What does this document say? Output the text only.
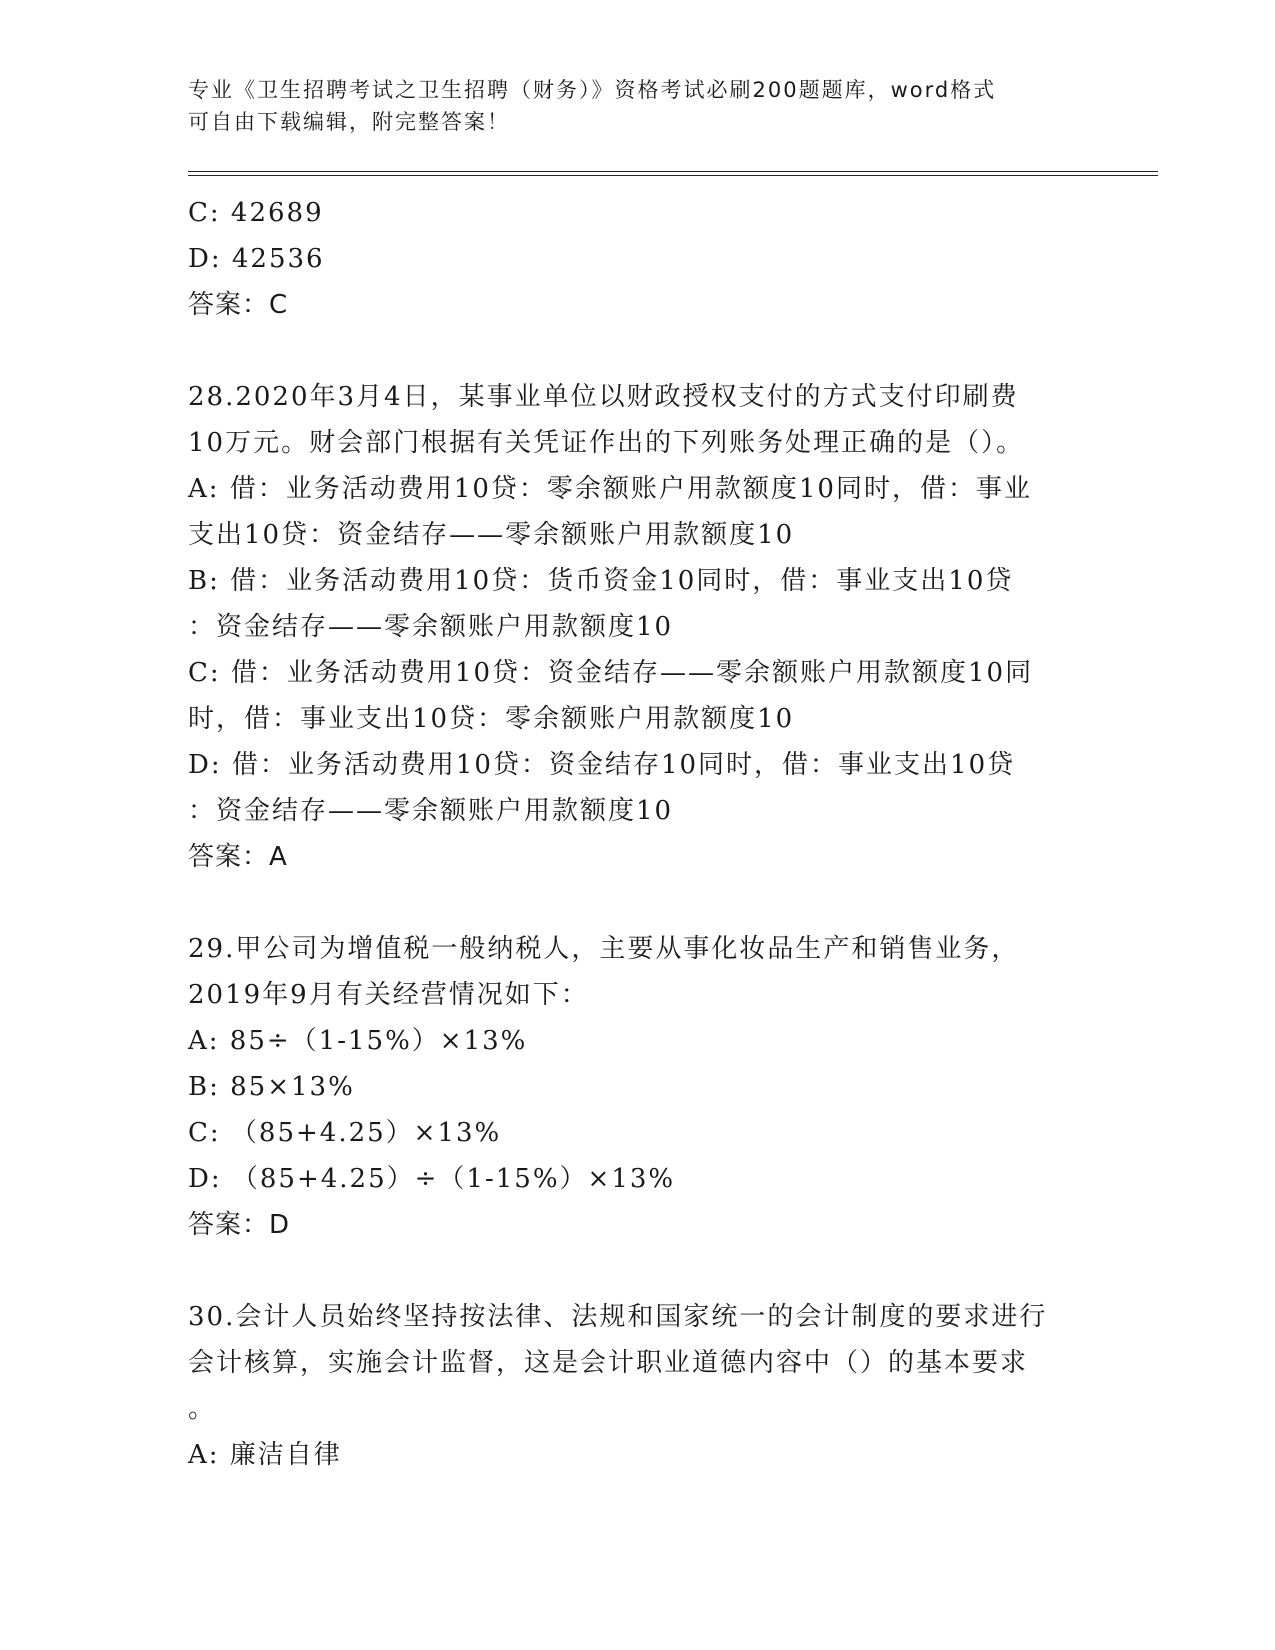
专业《卫生招聘考试之卫生招聘（财务）》资格考试必刷200题题库，word格式
可自由下载编辑，附完整答案！
C: 42689
D: 42536
答案：C
28.2020年3月4日，某事业单位以财政授权支付的方式支付印刷费
10万元。财会部门根据有关凭证作出的下列账务处理正确的是（）。
A: 借：业务活动费用10贷：零余额账户用款额度10同时，借：事业
支出10贷：资金结存——零余额账户用款额度10
B: 借：业务活动费用10贷：货币资金10同时，借：事业支出10贷
：资金结存——零余额账户用款额度10
C: 借：业务活动费用10贷：资金结存——零余额账户用款额度10同
时，借：事业支出10贷：零余额账户用款额度10
D: 借：业务活动费用10贷：资金结存10同时，借：事业支出10贷
：资金结存——零余额账户用款额度10
答案：A
29.甲公司为增值税一般纳税人，主要从事化妆品生产和销售业务，
2019年9月有关经营情况如下：
A: 85÷（1-15%）×13%
B: 85×13%
C: （85+4.25）×13%
D: （85+4.25）÷（1-15%）×13%
答案：D
30.会计人员始终坚持按法律、法规和国家统一的会计制度的要求进行
会计核算，实施会计监督，这是会计职业道德内容中（）的基本要求
。
A: 廉洁自律
